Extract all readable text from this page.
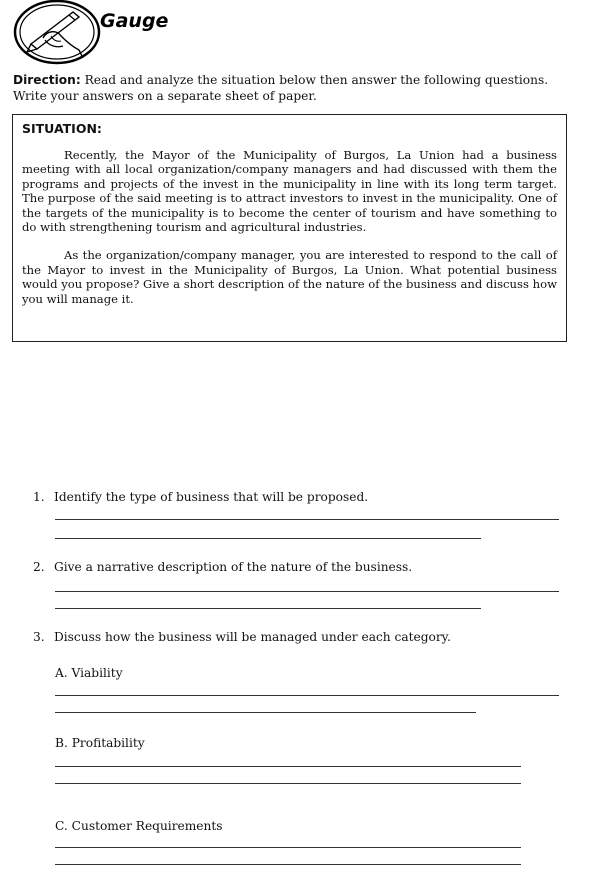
Gauge
Direction: Read and analyze the situation below then answer the following questions. Write your answers on a separate sheet of paper.
SITUATION:

Recently, the Mayor of the Municipality of Burgos, La Union had a business meeting with all local organization/company managers and had discussed with them the programs and projects of the invest in the municipality in line with its long term target. The purpose of the said meeting is to attract investors to invest in the municipality. One of the targets of the municipality is to become the center of tourism and have something to do with strengthening tourism and agricultural industries.

As the organization/company manager, you are interested to respond to the call of the Mayor to invest in the Municipality of Burgos, La Union. What potential business would you propose? Give a short description of the nature of the business and discuss how you will manage it.

1. Identify the type of business that will be proposed.
2. Give a narrative description of the nature of the business.
3. Discuss how the business will be managed under each category.
A. Viability
B. Profitability
C. Customer Requirements
